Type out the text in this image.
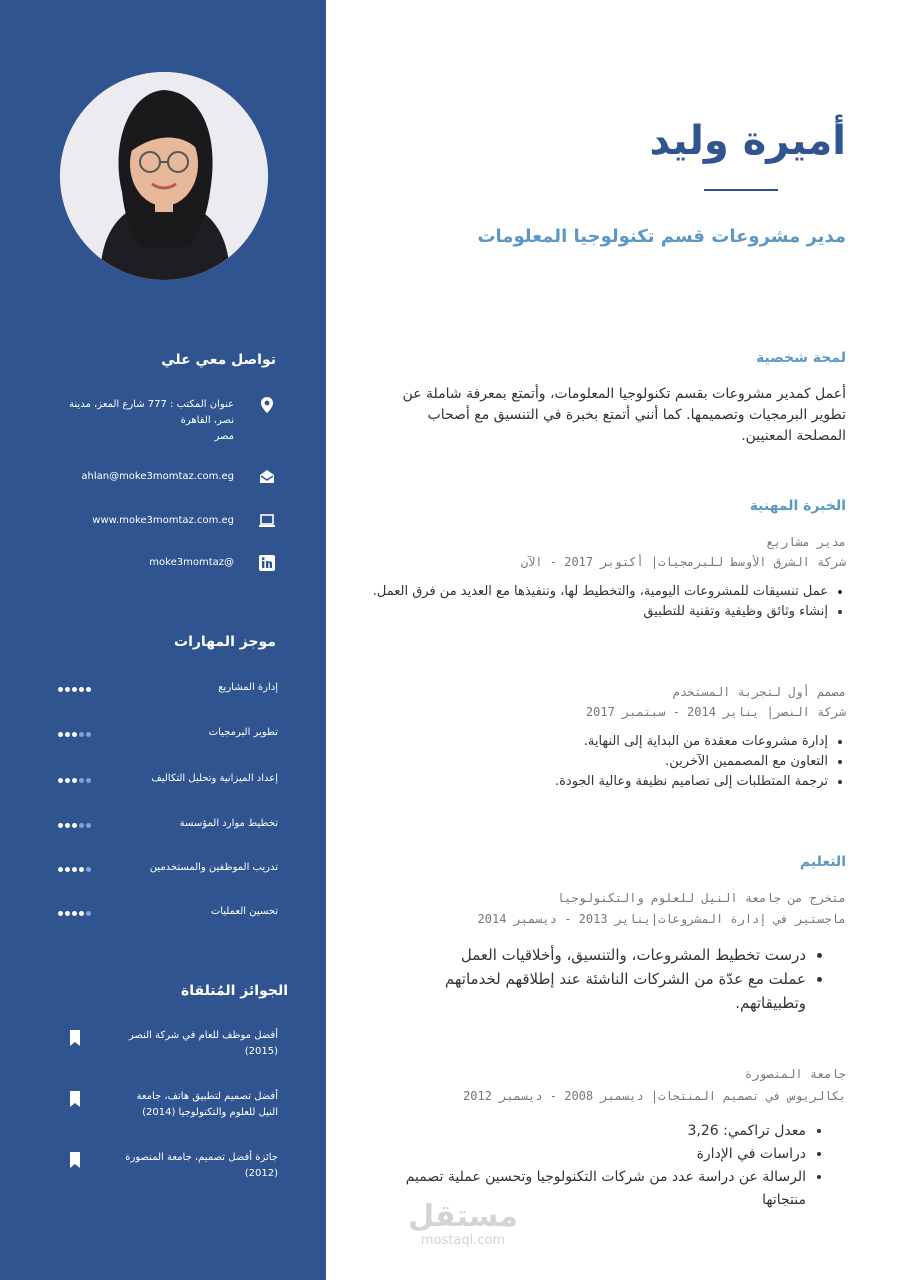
تواصل معي علي
عنوان المكتب : 777 شارع المعز، مدينة
نصر، القاهرة
مصر
ahlan@moke3momtaz.com.eg
www.moke3momtaz.com.eg
moke3momtaz@
موجز المهارات
الجوائز المُتلقاة
أفضل موظف للعام في شركة النصر
(2015)
أفضل تصميم لتطبيق هاتف، جامعة
النيل للعلوم والتكنولوجيا (2014)
جائزة أفضل تصميم، جامعة المنصورة
(2012)
إدارة المشاريع
تطوير البرمجيات
إعداد الميزانية وتحليل التكاليف
تخطيط موارد المؤسسة
تدريب الموظفين والمستخدمين
تحسين العمليات
أميرة وليد
مدير مشروعات قسم تكنولوجيا المعلومات
لمحة شخصية
أعمل كمدير مشروعات بقسم تكنولوجيا المعلومات، وأتمتع بمعرفة شاملة عن تطوير البرمجيات وتصميمها. كما أنني أتمتع بخبرة في التنسيق مع أصحاب المصلحة المعنيين.
الخبرة المهنية
مدير مشاريع
شركة الشرق الأوسط للبرمجيات| أكتوبر 2017 - الآن
• عمل تنسيقات للمشروعات اليومية، والتخطيط لها، وتنفيذها مع العديد من فرق العمل.
• إنشاء وثائق وظيفية وتقنية للتطبيق
مصمم أول لتجربة المستخدم
شركة النصر| يناير 2014 - سبتمبر 2017
• إدارة مشروعات معقدة من البداية إلى النهاية.
• التعاون مع المصممين الآخرين.
• ترجمة المتطلبات إلى تصاميم نظيفة وعالية الجودة.
التعليم
متخرج من جامعة النيل للعلوم والتكنولوجيا
ماجستير في إدارة المشروعات|يناير 2013 - ديسمبر 2014
• درست تخطيط المشروعات، والتنسيق، وأخلاقيات العمل
• عملت مع عدّة من الشركات الناشئة عند إطلاقهم لخدماتهم وتطبيقاتهم.
جامعة المنصورة
بكالريوس في تصميم المنتجات| ديسمبر 2008 - ديسمبر 2012
• معدل تراكمي: 3,26
• دراسات في الإدارة
• الرسالة عن دراسة عدد من شركات التكنولوجيا وتحسين عملية تصميم منتجاتها
مستقل
mostaql.com
